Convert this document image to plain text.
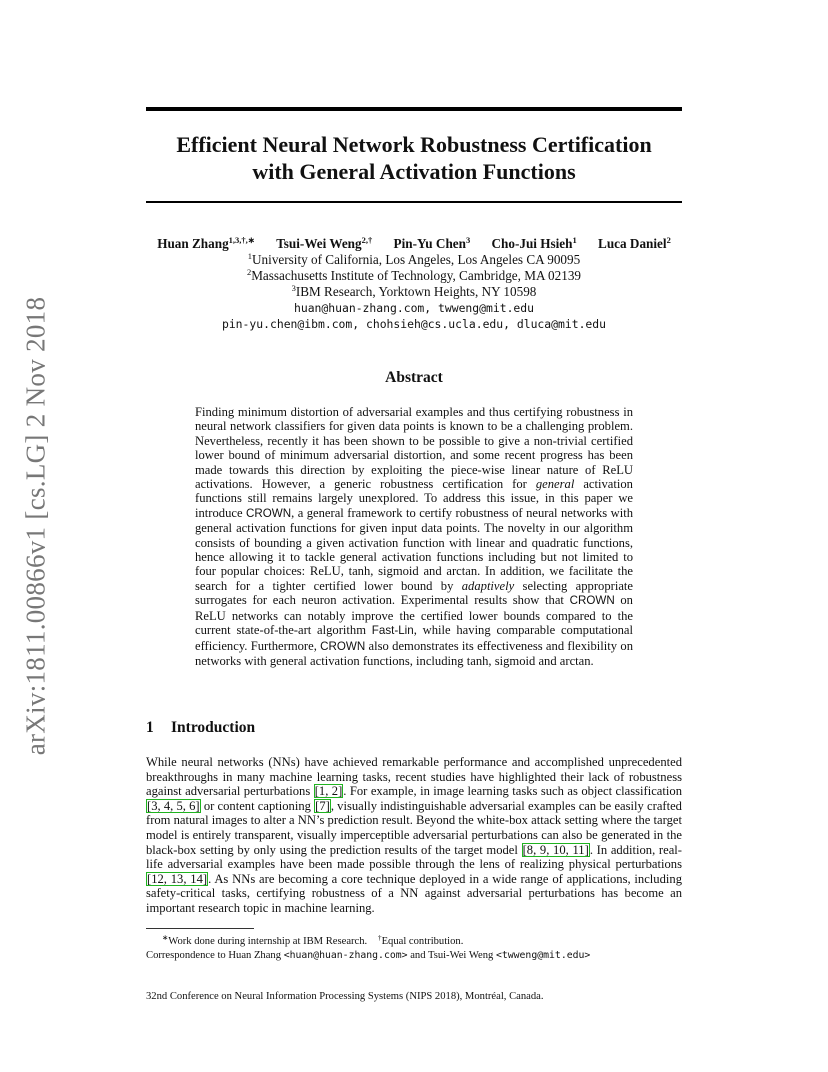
arXiv:1811.00866v1 [cs.LG] 2 Nov 2018
Efficient Neural Network Robustness Certification
with General Activation Functions
Huan Zhang$^{1,3,\dagger,∗}$ Tsui-Wei Weng$^{2,\dagger}$ Pin-Yu Chen$^3$ Cho-Jui Hsieh$^1$ Luca Daniel$^2$
$^1$University of California, Los Angeles, Los Angeles CA 90095
$^2$Massachusetts Institute of Technology, Cambridge, MA 02139
$^3$IBM Research, Yorktown Heights, NY 10598
huan@huan-zhang.com, twweng@mit.edu
pin-yu.chen@ibm.com, chohsieh@cs.ucla.edu, dluca@mit.edu
Abstract

Finding minimum distortion of adversarial examples and thus certifying robustness in neural network classifiers for given data points is known to be a challenging problem. Nevertheless, recently it has been shown to be possible to give a non-trivial certified lower bound of minimum adversarial distortion, and some recent progress has been made towards this direction by exploiting the piece-wise linear nature of ReLU activations. However, a generic robustness certification for general activation functions still remains largely unexplored. To address this issue, in this paper we introduce CROWN, a general framework to certify robustness of neural networks with general activation functions for given input data points. The novelty in our algorithm consists of bounding a given activation function with linear and quadratic functions, hence allowing it to tackle general activation functions including but not limited to four popular choices: ReLU, tanh, sigmoid and arctan. In addition, we facilitate the search for a tighter certified lower bound by adaptively selecting appropriate surrogates for each neuron activation. Experimental results show that CROWN on ReLU networks can notably improve the certified lower bounds compared to the current state-of-the-art algorithm Fast-Lin, while having comparable computational efficiency. Furthermore, CROWN also demonstrates its effectiveness and flexibility on networks with general activation functions, including tanh, sigmoid and arctan.

1 Introduction

While neural networks (NNs) have achieved remarkable performance and accomplished unprecedented breakthroughs in many machine learning tasks, recent studies have highlighted their lack of robustness against adversarial perturbations [1, 2]. For example, in image learning tasks such as object classification [3, 4, 5, 6] or content captioning [7], visually indistinguishable adversarial examples can be easily crafted from natural images to alter a NN’s prediction result. Beyond the white-box attack setting where the target model is entirely transparent, visually imperceptible adversarial perturbations can also be generated in the black-box setting by only using the prediction results of the target model [8, 9, 10, 11]. In addition, real-life adversarial examples have been made possible through the lens of realizing physical perturbations [12, 13, 14]. As NNs are becoming a core technique deployed in a wide range of applications, including safety-critical tasks, certifying robustness of a NN against adversarial perturbations has become an important research topic in machine learning.

∗Work done during internship at IBM Research. †Equal contribution.
Correspondence to Huan Zhang <huan@huan-zhang.com> and Tsui-Wei Weng <twweng@mit.edu>
32nd Conference on Neural Information Processing Systems (NIPS 2018), Montréal, Canada.
